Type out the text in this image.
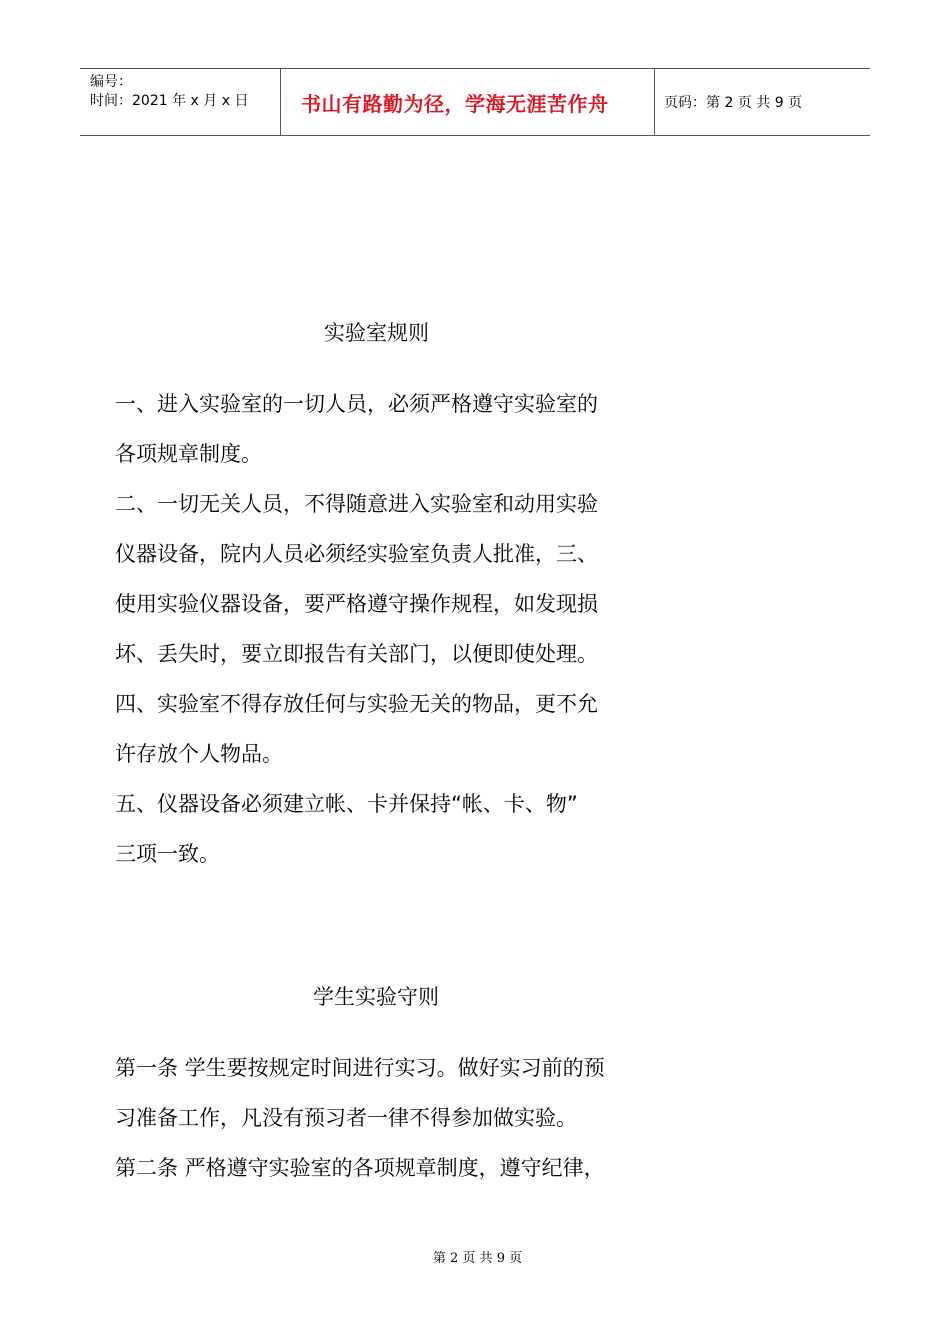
编号：
时间：2021 年 x 月 x 日	书山有路勤为径，学海无涯苦作舟	页码：第 2 页 共 9 页
实验室规则
一、进入实验室的一切人员，必须严格遵守实验室的
各项规章制度。
二、一切无关人员，不得随意进入实验室和动用实验
仪器设备，院内人员必须经实验室负责人批准，三、
使用实验仪器设备，要严格遵守操作规程，如发现损
坏、丢失时，要立即报告有关部门，以便即使处理。
四、实验室不得存放任何与实验无关的物品，更不允
许存放个人物品。
五、仪器设备必须建立帐、卡并保持“帐、卡、物”
三项一致。
学生实验守则
第一条 学生要按规定时间进行实习。做好实习前的预
习准备工作，凡没有预习者一律不得参加做实验。
第二条 严格遵守实验室的各项规章制度，遵守纪律，
第 2 页 共 9 页
